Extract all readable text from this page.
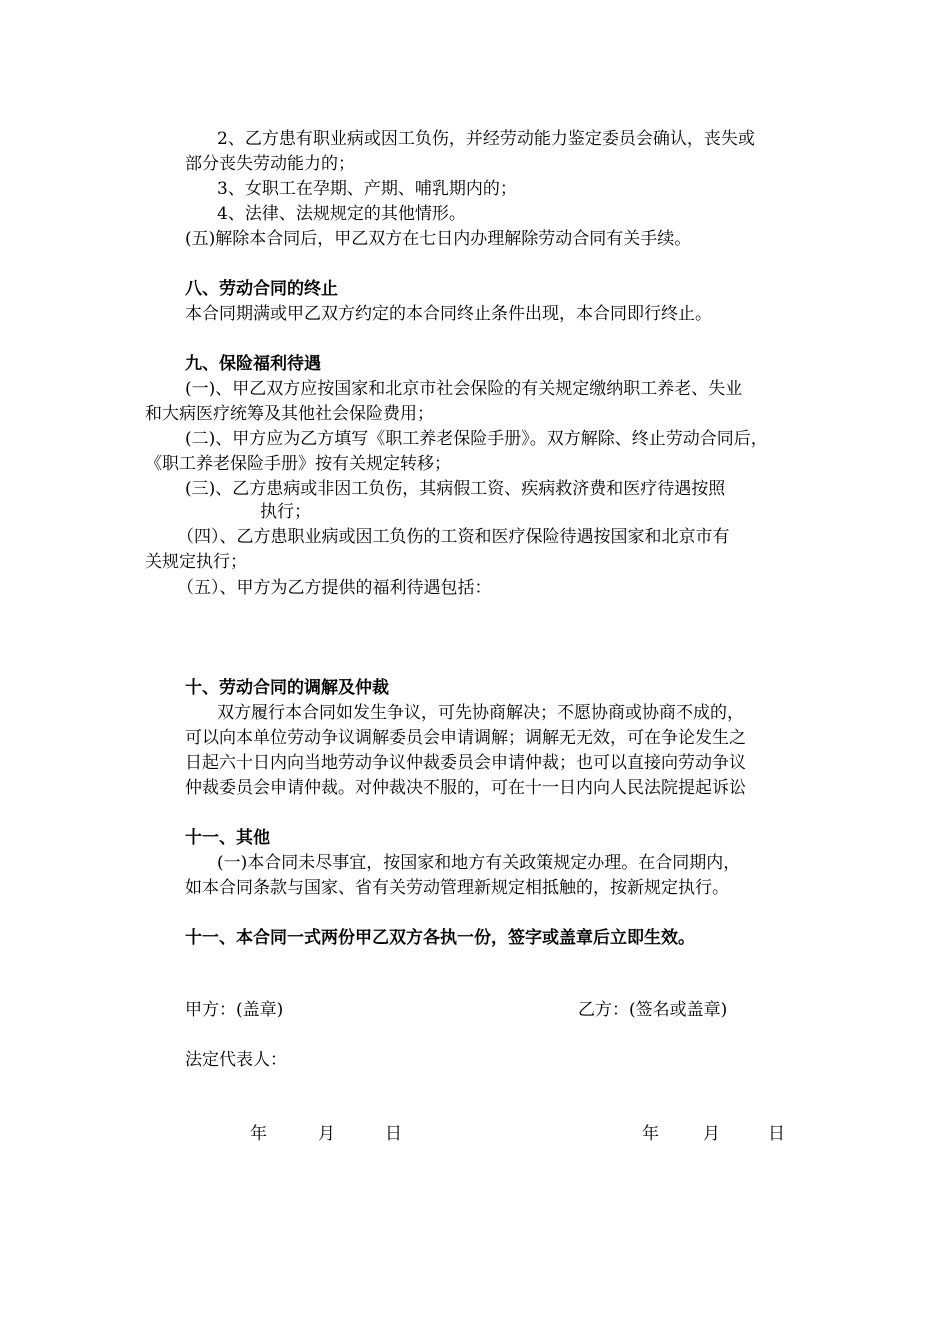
2、乙方患有职业病或因工负伤，并经劳动能力鉴定委员会确认，丧失或
部分丧失劳动能力的；
3、女职工在孕期、产期、哺乳期内的；
4、法律、法规规定的其他情形。
(五)解除本合同后，甲乙双方在七日内办理解除劳动合同有关手续。
八、劳动合同的终止
本合同期满或甲乙双方约定的本合同终止条件出现，本合同即行终止。
九、保险福利待遇
(一)、甲乙双方应按国家和北京市社会保险的有关规定缴纳职工养老、失业
和大病医疗统筹及其他社会保险费用；
(二)、甲方应为乙方填写《职工养老保险手册》。双方解除、终止劳动合同后，
《职工养老保险手册》按有关规定转移；
(三)、乙方患病或非因工负伤，其病假工资、疾病救济费和医疗待遇按照
执行；
（四）、乙方患职业病或因工负伤的工资和医疗保险待遇按国家和北京市有
关规定执行；
（五）、甲方为乙方提供的福利待遇包括：
十、劳动合同的调解及仲裁
双方履行本合同如发生争议，可先协商解决；不愿协商或协商不成的，
可以向本单位劳动争议调解委员会申请调解；调解无无效，可在争论发生之
日起六十日内向当地劳动争议仲裁委员会申请仲裁；也可以直接向劳动争议
仲裁委员会申请仲裁。对仲裁决不服的，可在十一日内向人民法院提起诉讼
十一、其他
(一)本合同未尽事宜，按国家和地方有关政策规定办理。在合同期内，
如本合同条款与国家、省有关劳动管理新规定相抵触的，按新规定执行。
十一、本合同一式两份甲乙双方各执一份，签字或盖章后立即生效。
甲方：(盖章)	乙方：(签名或盖章)
法定代表人：
年	月	日	年	月	日
